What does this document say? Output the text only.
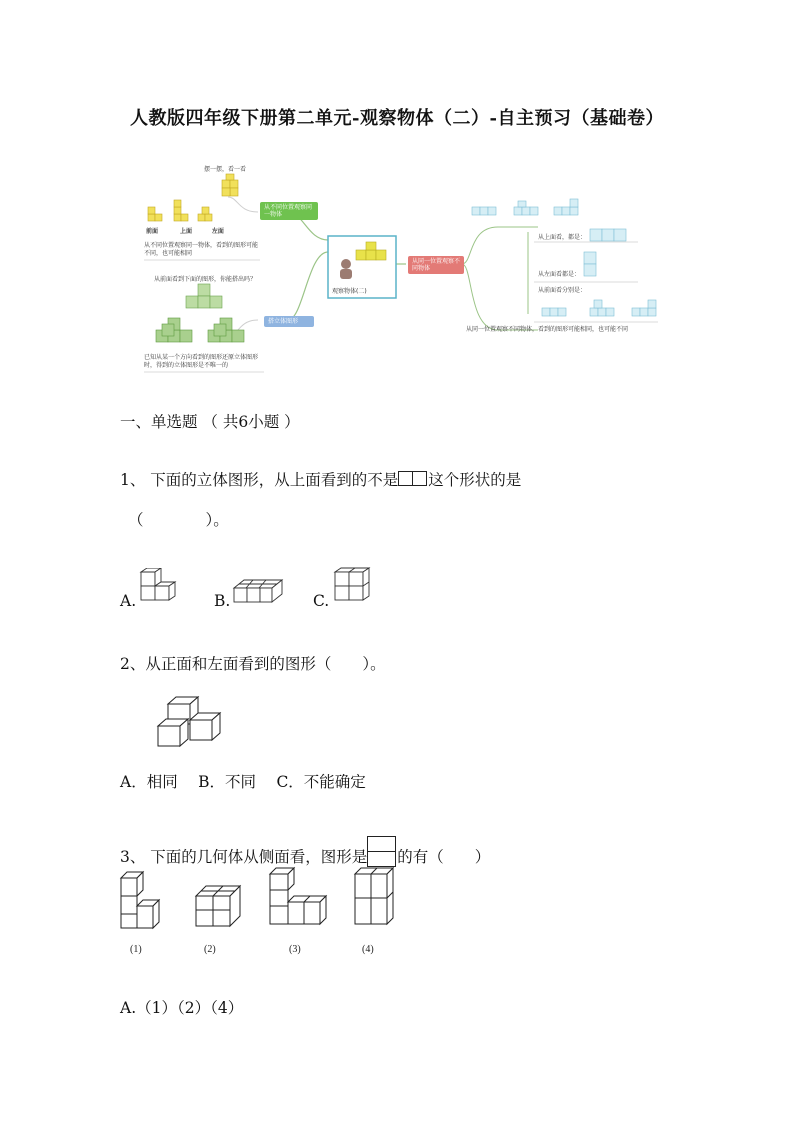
人教版四年级下册第二单元-观察物体（二）-自主预习（基础卷）
从不同位置观察同一物体
搭立体图形
从同一位置观察不同物体
观察物体(二)
摆一摆，看一看
前面	上面	左面
从不同位置观察同一物体，看到的图形可能不同，也可能相同
从前面看到下面的图形，你能搭出吗？
已知从某一个方向看到的图形还原立体图形时，得到的立体图形是不唯一的
从上面看，都是：
从左面看都是：
从前面看分别是：
从同一位置观察不同物体，看到的图形可能相同，也可能不同
一、单选题 （ 共6小题 ）
1、 下面的立体图形，从上面看到的不是 这个形状的是
（　　　　）。
A.	B.	C.
2、从正面和左面看到的图形（　　）。
A．相同　 B．不同　 C．不能确定
3、 下面的几何体从侧面看，图形是 的有（　　）
(1)	(2)	(3)	(4)
A.（1）（2）（4）
